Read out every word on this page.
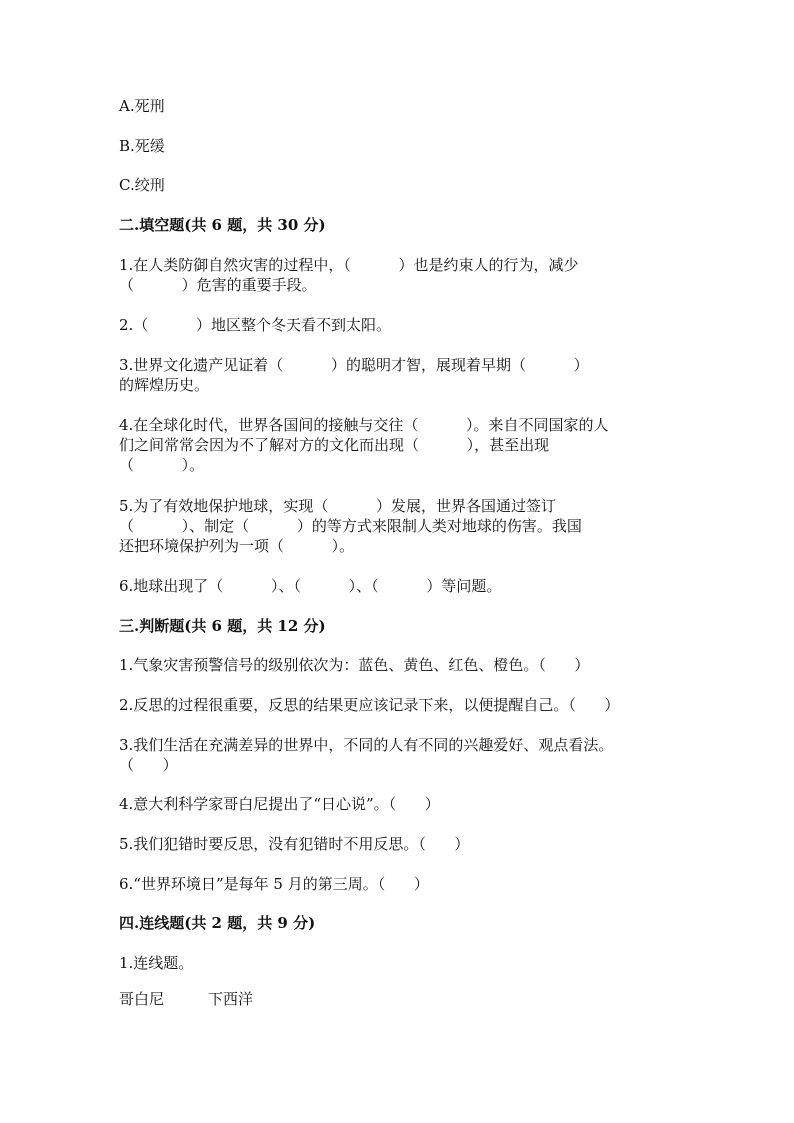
A.死刑
B.死缓
C.绞刑
二.填空题(共 6 题，共 30 分)
1.在人类防御自然灾害的过程中，（          ）也是约束人的行为，减少
（          ）危害的重要手段。
2.（          ）地区整个冬天看不到太阳。
3.世界文化遗产见证着（          ）的聪明才智，展现着早期（          ）
的辉煌历史。
4.在全球化时代，世界各国间的接触与交往（          ）。来自不同国家的人
们之间常常会因为不了解对方的文化而出现（          ），甚至出现
（          ）。
5.为了有效地保护地球，实现（          ）发展，世界各国通过签订
（          ）、制定（          ）的等方式来限制人类对地球的伤害。我国
还把环境保护列为一项（          ）。
6.地球出现了（          ）、（          ）、（          ）等问题。
三.判断题(共 6 题，共 12 分)
1.气象灾害预警信号的级别依次为：蓝色、黄色、红色、橙色。（      ）
2.反思的过程很重要，反思的结果更应该记录下来，以便提醒自己。（      ）
3.我们生活在充满差异的世界中，不同的人有不同的兴趣爱好、观点看法。
（      ）
4.意大利科学家哥白尼提出了“日心说”。（      ）
5.我们犯错时要反思，没有犯错时不用反思。（      ）
6.“世界环境日”是每年 5 月的第三周。（      ）
四.连线题(共 2 题，共 9 分)
1.连线题。
哥白尼	下西洋
